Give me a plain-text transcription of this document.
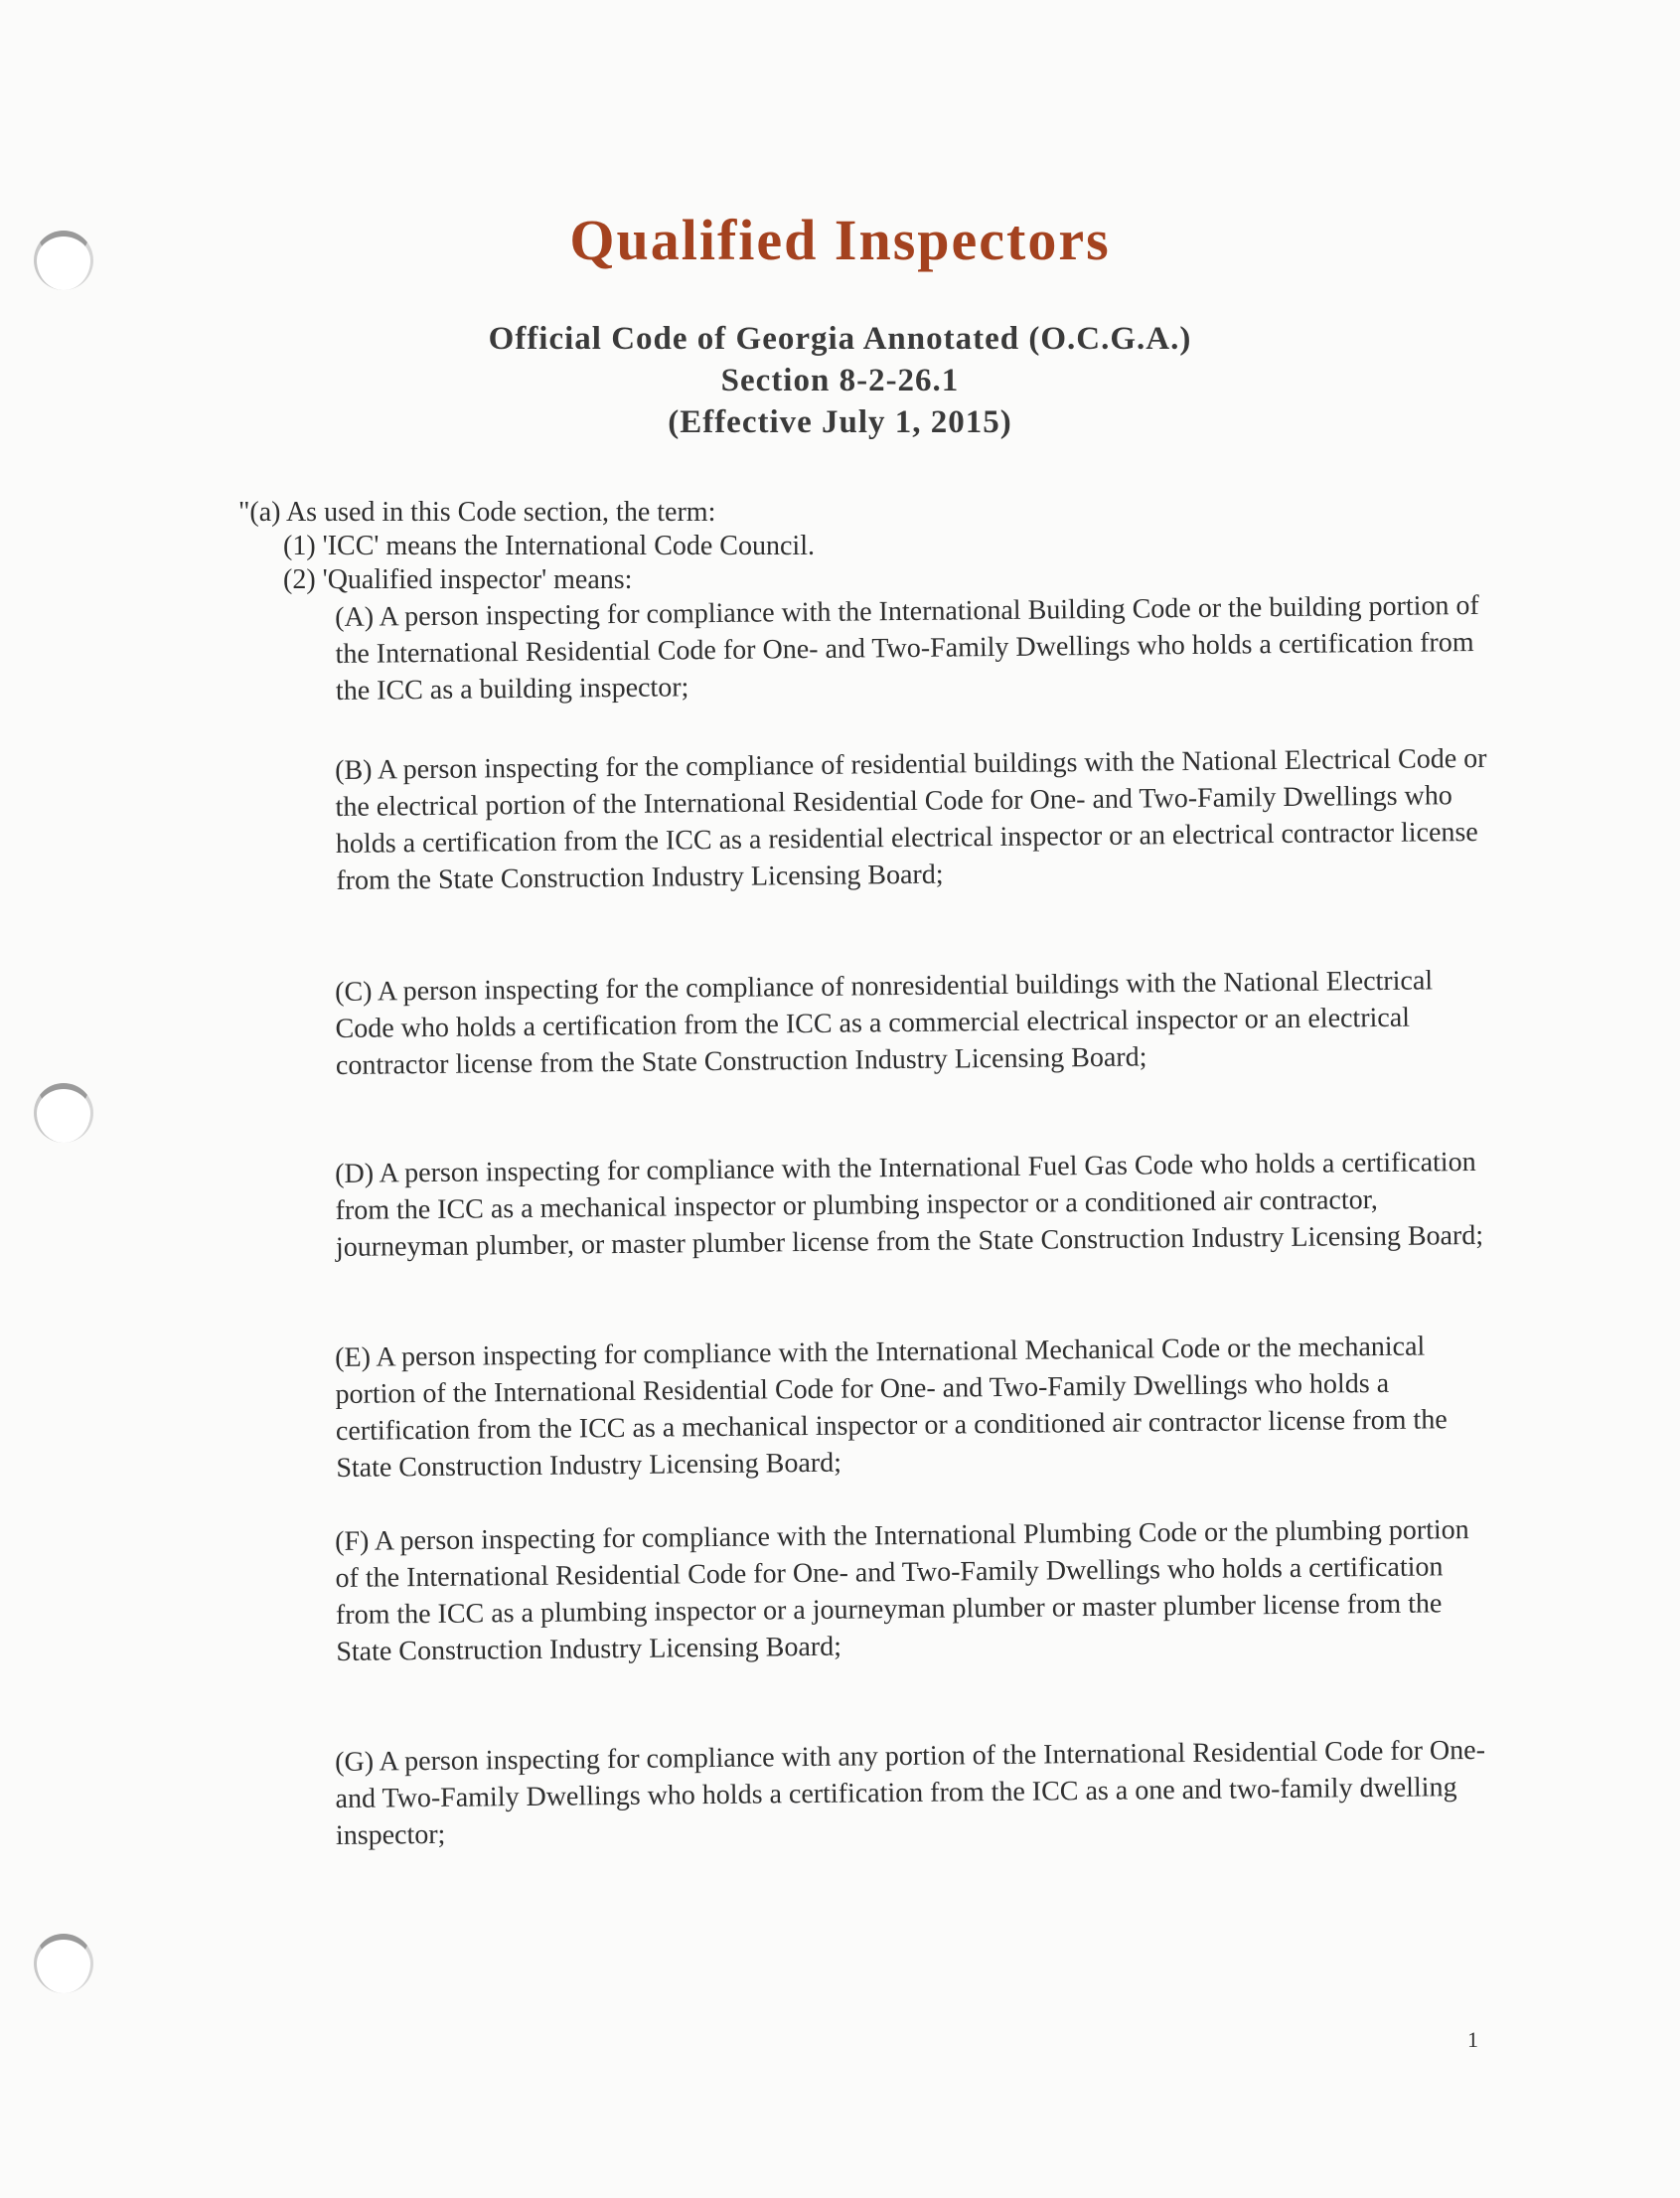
Qualified Inspectors
Official Code of Georgia Annotated (O.C.G.A.)
Section 8-2-26.1
(Effective July 1, 2015)
"(a) As used in this Code section, the term:
(1) 'ICC' means the International Code Council.
(2) 'Qualified inspector' means:
(A) A person inspecting for compliance with the International Building Code or the building portion of the International Residential Code for One- and Two-Family Dwellings who holds a certification from the ICC as a building inspector;
(B) A person inspecting for the compliance of residential buildings with the National Electrical Code or the electrical portion of the International Residential Code for One- and Two-Family Dwellings who holds a certification from the ICC as a residential electrical inspector or an electrical contractor license from the State Construction Industry Licensing Board;
(C) A person inspecting for the compliance of nonresidential buildings with the National Electrical Code who holds a certification from the ICC as a commercial electrical inspector or an electrical contractor license from the State Construction Industry Licensing Board;
(D) A person inspecting for compliance with the International Fuel Gas Code who holds a certification from the ICC as a mechanical inspector or plumbing inspector or a conditioned air contractor, journeyman plumber, or master plumber license from the State Construction Industry Licensing Board;
(E) A person inspecting for compliance with the International Mechanical Code or the mechanical portion of the International Residential Code for One- and Two-Family Dwellings who holds a certification from the ICC as a mechanical inspector or a conditioned air contractor license from the State Construction Industry Licensing Board;
(F) A person inspecting for compliance with the International Plumbing Code or the plumbing portion of the International Residential Code for One- and Two-Family Dwellings who holds a certification from the ICC as a plumbing inspector or a journeyman plumber or master plumber license from the State Construction Industry Licensing Board;
(G) A person inspecting for compliance with any portion of the International Residential Code for One- and Two-Family Dwellings who holds a certification from the ICC as a one and two-family dwelling inspector;
1
